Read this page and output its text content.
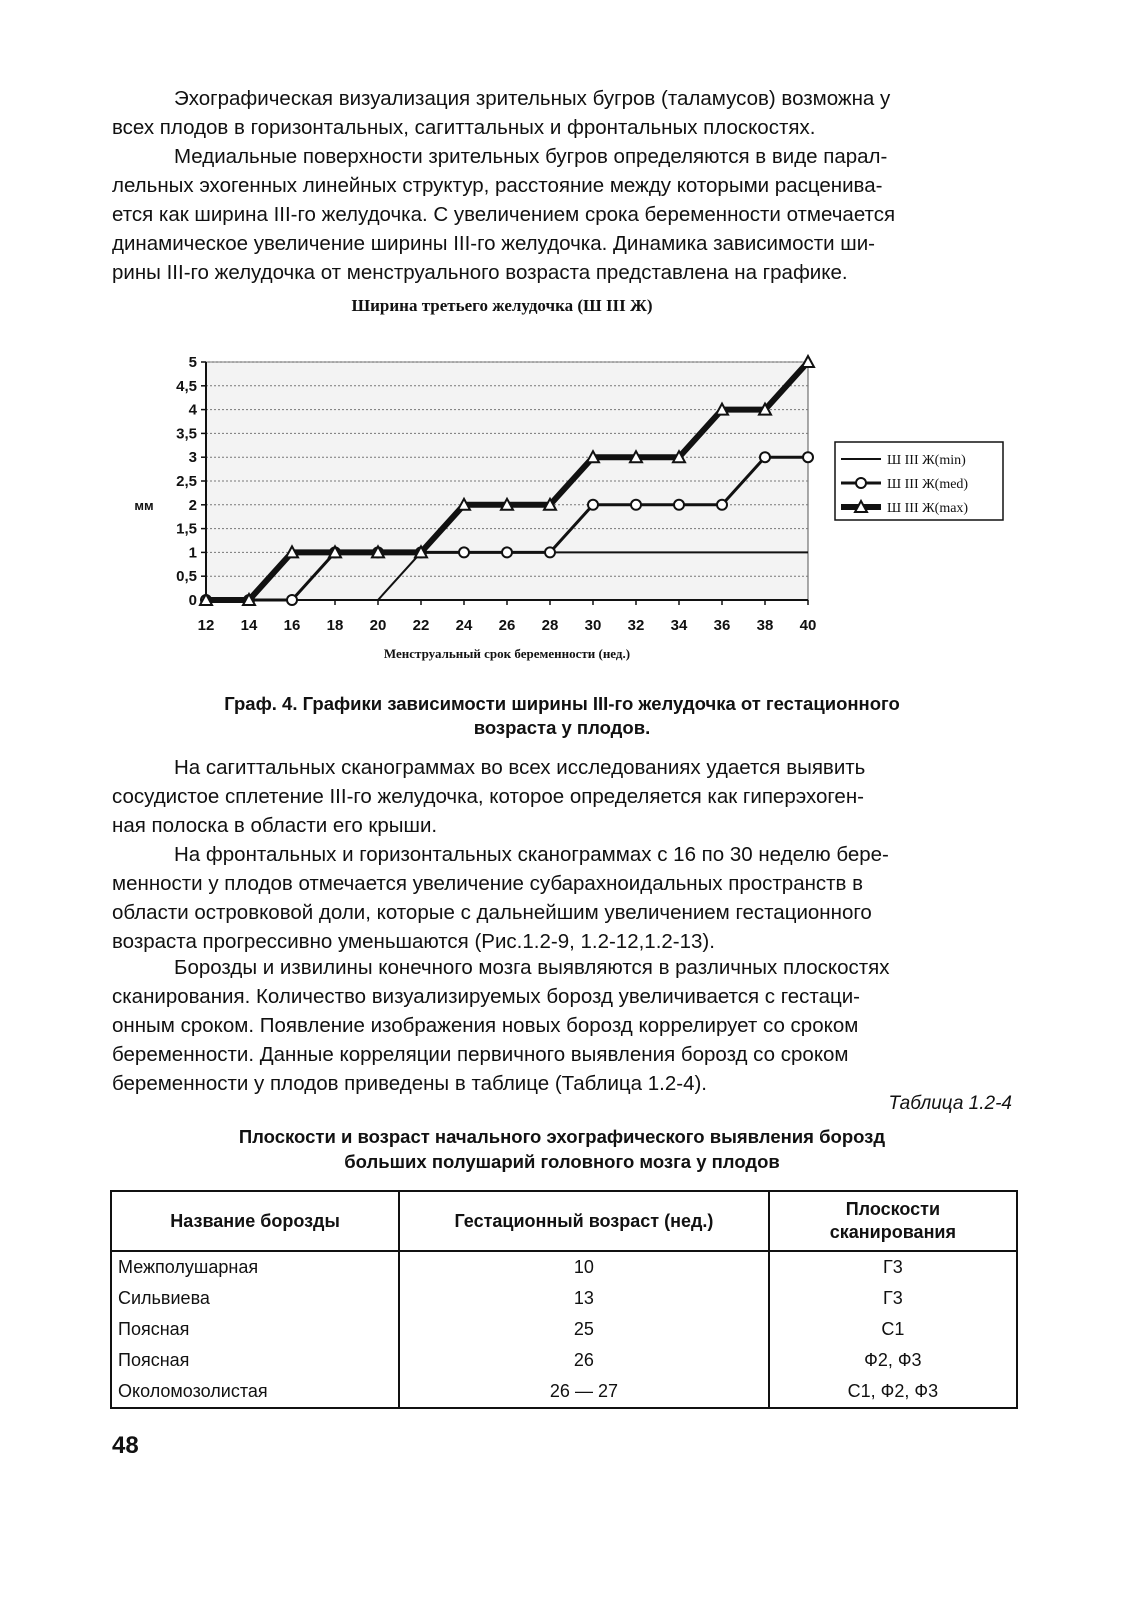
Эхографическая визуализация зрительных бугров (таламусов) возможна у
всех плодов в горизонтальных, сагиттальных и фронтальных плоскостях.
Медиальные поверхности зрительных бугров определяются в виде парал-
лельных эхогенных линейных структур, расстояние между которыми расценива-
ется как ширина III-го желудочка. С увеличением срока беременности отмечается
динамическое увеличение ширины III-го желудочка. Динамика зависимости ши-
рины III-го желудочка от менструального возраста представлена на графике.
Ширина третьего желудочка (Ш III Ж)
0
0,5
1
1,5
2
2,5
3
3,5
4
4,5
5
12 14 16 18 20 22 24 26 28 30 32 34 36 38 40
мм
Менструальный срок беременности (нед.)
Ш III Ж(min)
Ш III Ж(med)
Ш III Ж(max)
Граф. 4. Графики зависимости ширины III-го желудочка от гестационного
возраста у плодов.
На сагиттальных сканограммах во всех исследованиях удается выявить
сосудистое сплетение III-го желудочка, которое определяется как гиперэхоген-
ная полоска в области его крыши.
На фронтальных и горизонтальных сканограммах с 16 по 30 неделю бере-
менности у плодов отмечается увеличение субарахноидальных пространств в
области островковой доли, которые с дальнейшим увеличением гестационного
возраста прогрессивно уменьшаются (Рис.1.2-9, 1.2-12,1.2-13).
Борозды и извилины конечного мозга выявляются в различных плоскостях
сканирования. Количество визуализируемых борозд увеличивается с гестаци-
онным сроком. Появление изображения новых борозд коррелирует со сроком
беременности. Данные корреляции первичного выявления борозд со сроком
беременности у плодов приведены в таблице (Таблица 1.2-4).
Таблица 1.2-4
Плоскости и возраст начального эхографического выявления борозд
больших полушарий головного мозга у плодов
Название борозды	Гестационный возраст (нед.)	Плоскости сканирования
Межполушарная	10	Г3
Сильвиева	13	Г3
Поясная	25	С1
Поясная	26	Ф2, Ф3
Околомозолистая	26 — 27	С1, Ф2, Ф3
48
